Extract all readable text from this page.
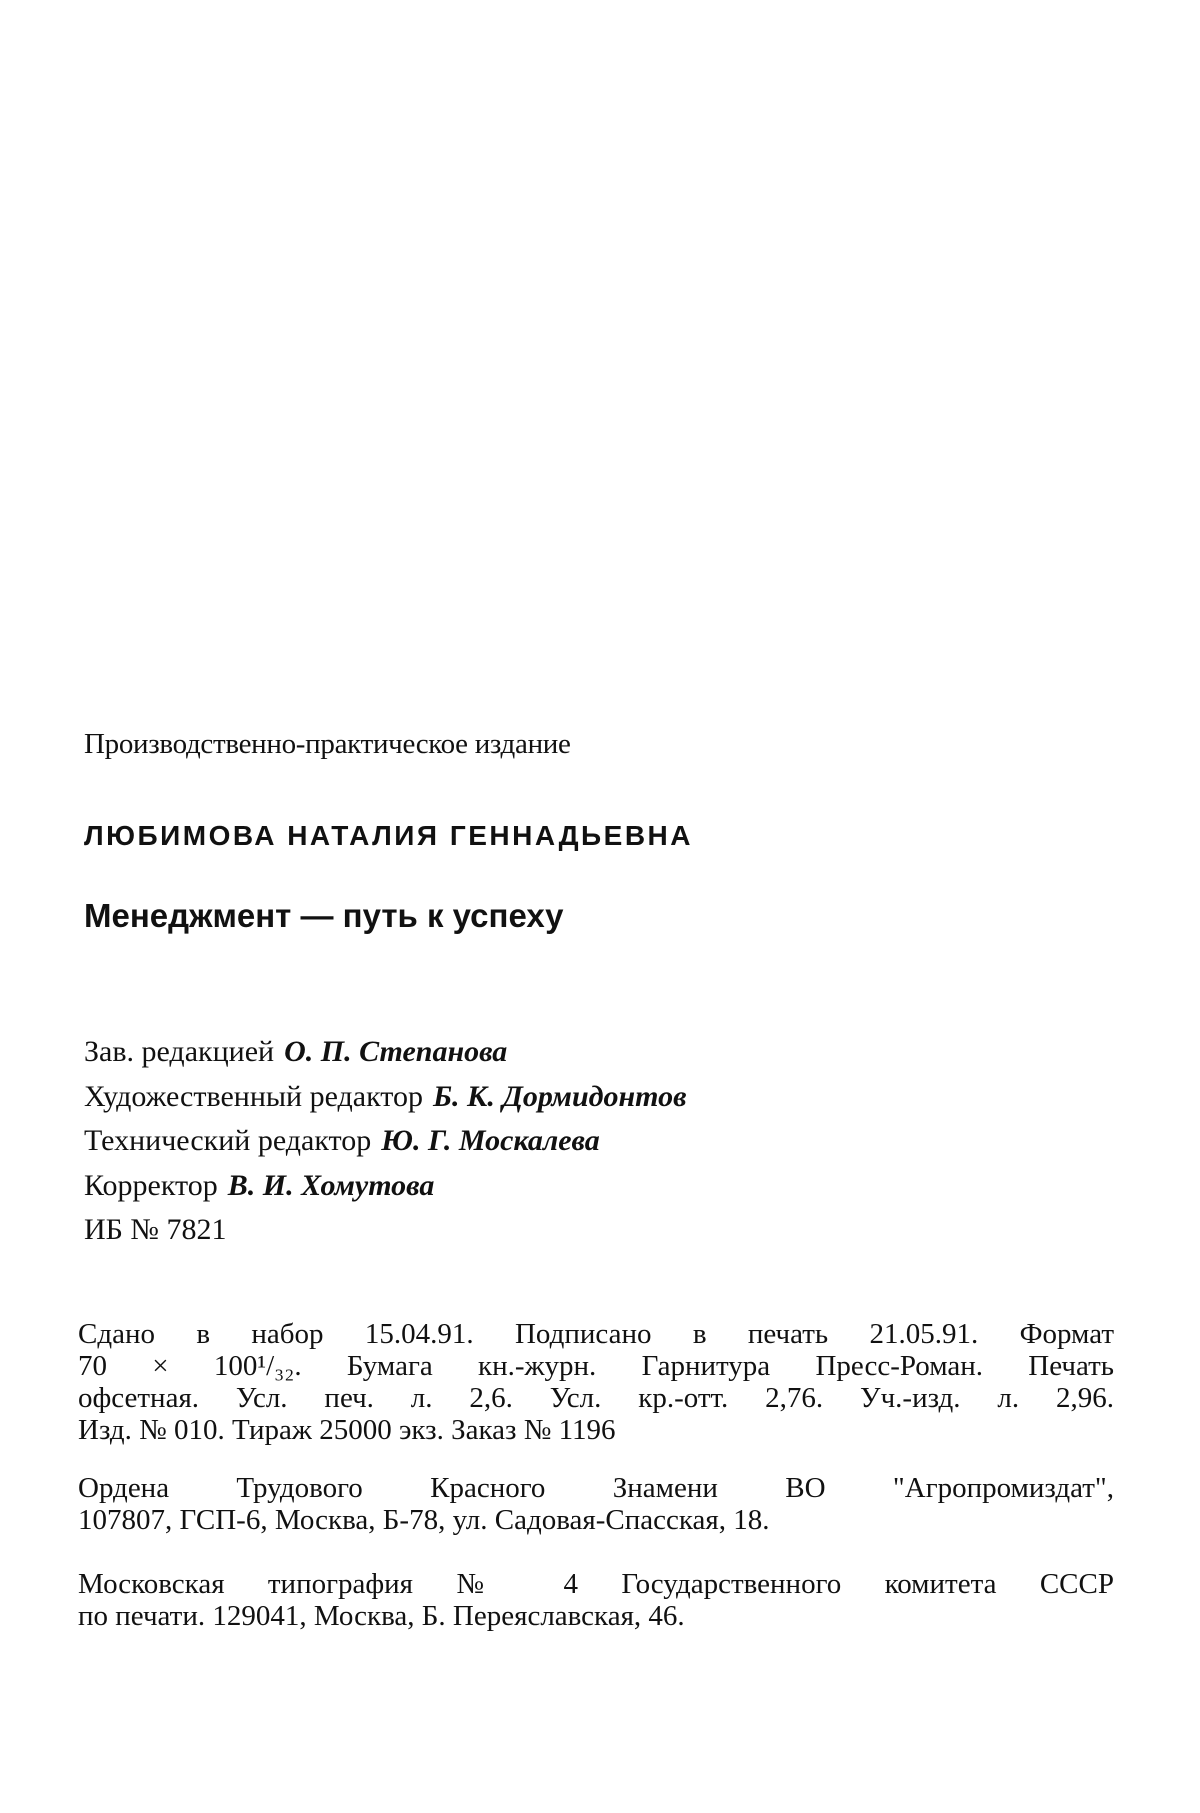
Производственно-практическое издание
ЛЮБИМОВА НАТАЛИЯ ГЕННАДЬЕВНА
Менеджмент — путь к успеху
Зав. редакцией О. П. Степанова
Художественный редактор Б. К. Дормидонтов
Технический редактор Ю. Г. Москалева
Корректор В. И. Хомутова
ИБ № 7821
Сдано в набор 15.04.91. Подписано в печать 21.05.91. Формат
70 × 100¹/₃₂. Бумага кн.-журн. Гарнитура Пресс-Роман. Печать
офсетная. Усл. печ. л. 2,6. Усл. кр.-отт. 2,76. Уч.-изд. л. 2,96.
Изд. № 010. Тираж 25000 экз. Заказ № 1196
Ордена Трудового Красного Знамени ВО "Агропромиздат",
107807, ГСП-6, Москва, Б-78, ул. Садовая-Спасская, 18.
Московская типография № 4 Государственного комитета СССР
по печати. 129041, Москва, Б. Переяславская, 46.
